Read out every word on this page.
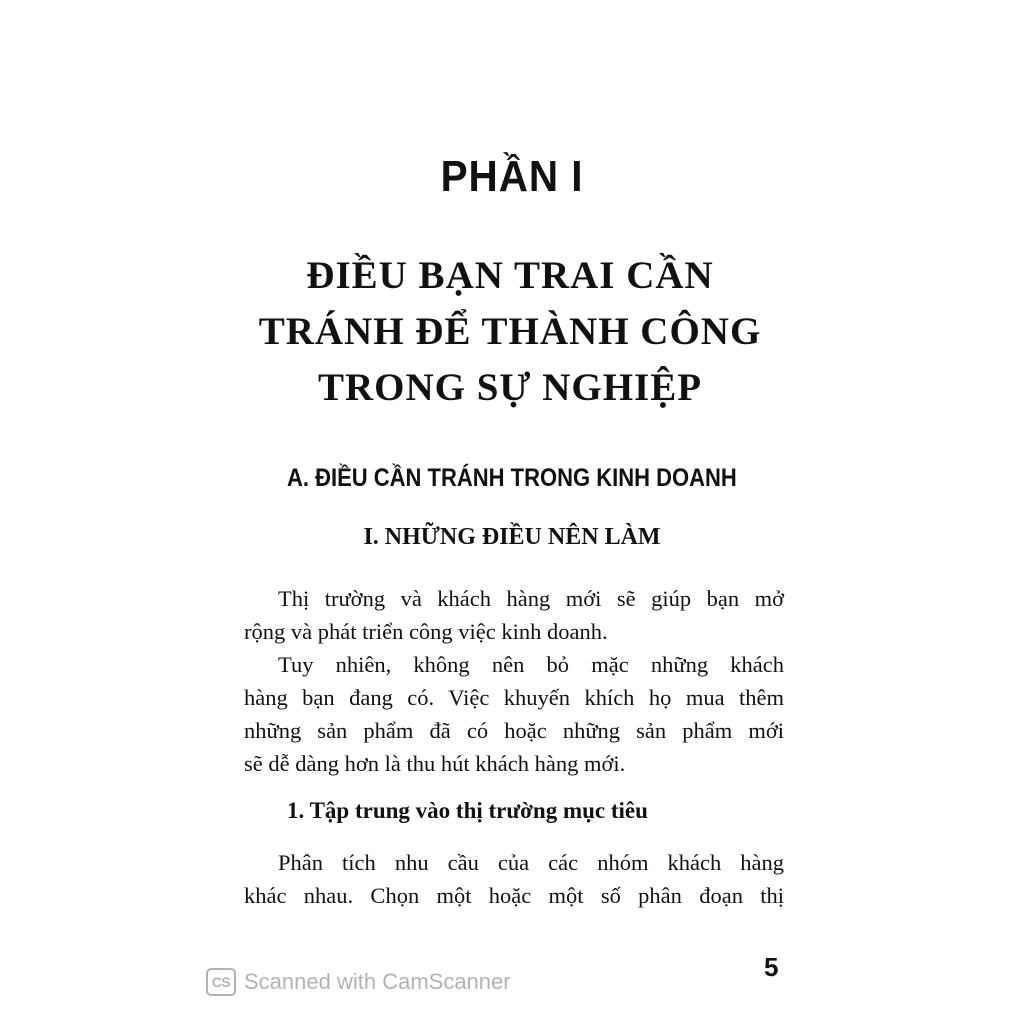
PHẦN I
ĐIỀU BẠN TRAI CẦN
TRÁNH ĐỂ THÀNH CÔNG
TRONG SỰ NGHIỆP
A. ĐIỀU CẦN TRÁNH TRONG KINH DOANH
I. NHỮNG ĐIỀU NÊN LÀM
Thị trường và khách hàng mới sẽ giúp bạn mở
rộng và phát triển công việc kinh doanh.
Tuy nhiên, không nên bỏ mặc những khách
hàng bạn đang có. Việc khuyến khích họ mua thêm
những sản phẩm đã có hoặc những sản phẩm mới
sẽ dễ dàng hơn là thu hút khách hàng mới.
1. Tập trung vào thị trường mục tiêu
Phân tích nhu cầu của các nhóm khách hàng
khác nhau. Chọn một hoặc một số phân đoạn thị
5
CS Scanned with CamScanner
